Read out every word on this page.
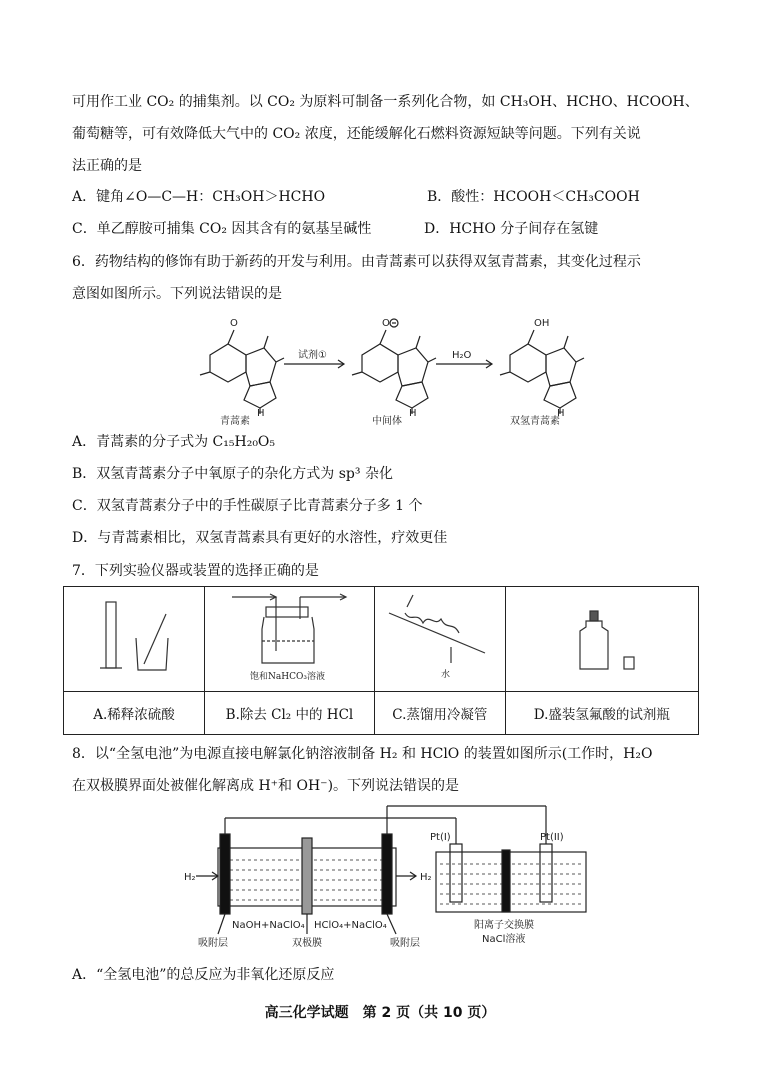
可用作工业 CO₂ 的捕集剂。以 CO₂ 为原料可制备一系列化合物，如 CH₃OH、HCHO、HCOOH、
葡萄糖等，可有效降低大气中的 CO₂ 浓度，还能缓解化石燃料资源短缺等问题。下列有关说
法正确的是
A．键角∠O—C—H：CH₃OH＞HCHO	B．酸性：HCOOH＜CH₃COOH
C．单乙醇胺可捕集 CO₂ 因其含有的氨基呈碱性	D．HCHO 分子间存在氢键
6．药物结构的修饰有助于新药的开发与利用。由青蒿素可以获得双氢青蒿素，其变化过程示
意图如图所示。下列说法错误的是
O
H
O
H
OH
H
试剂①	H₂O
青蒿素	中间体	双氢青蒿素
A．青蒿素的分子式为 C₁₅H₂₀O₅
B．双氢青蒿素分子中氧原子的杂化方式为 sp³ 杂化
C．双氢青蒿素分子中的手性碳原子比青蒿素分子多 1 个
D．与青蒿素相比，双氢青蒿素具有更好的水溶性，疗效更佳
7．下列实验仪器或装置的选择正确的是

饱和NaHCO₃溶液	水

A.稀释浓硫酸	B.除去 Cl₂ 中的 HCl	C.蒸馏用冷凝管	D.盛装氢氟酸的试剂瓶
8．以“全氢电池”为电源直接电解氯化钠溶液制备 H₂ 和 HClO 的装置如图所示(工作时，H₂O
在双极膜界面处被催化解离成 H⁺和 OH⁻)。下列说法错误的是
H₂	H₂
NaOH+NaClO₄ HClO₄+NaClO₄
吸附层	双极膜	吸附层
Pt(I)	Pt(II)
阳离子交换膜
NaCl溶液
A．“全氢电池”的总反应为非氧化还原反应
高三化学试题　第 2 页（共 10 页）
